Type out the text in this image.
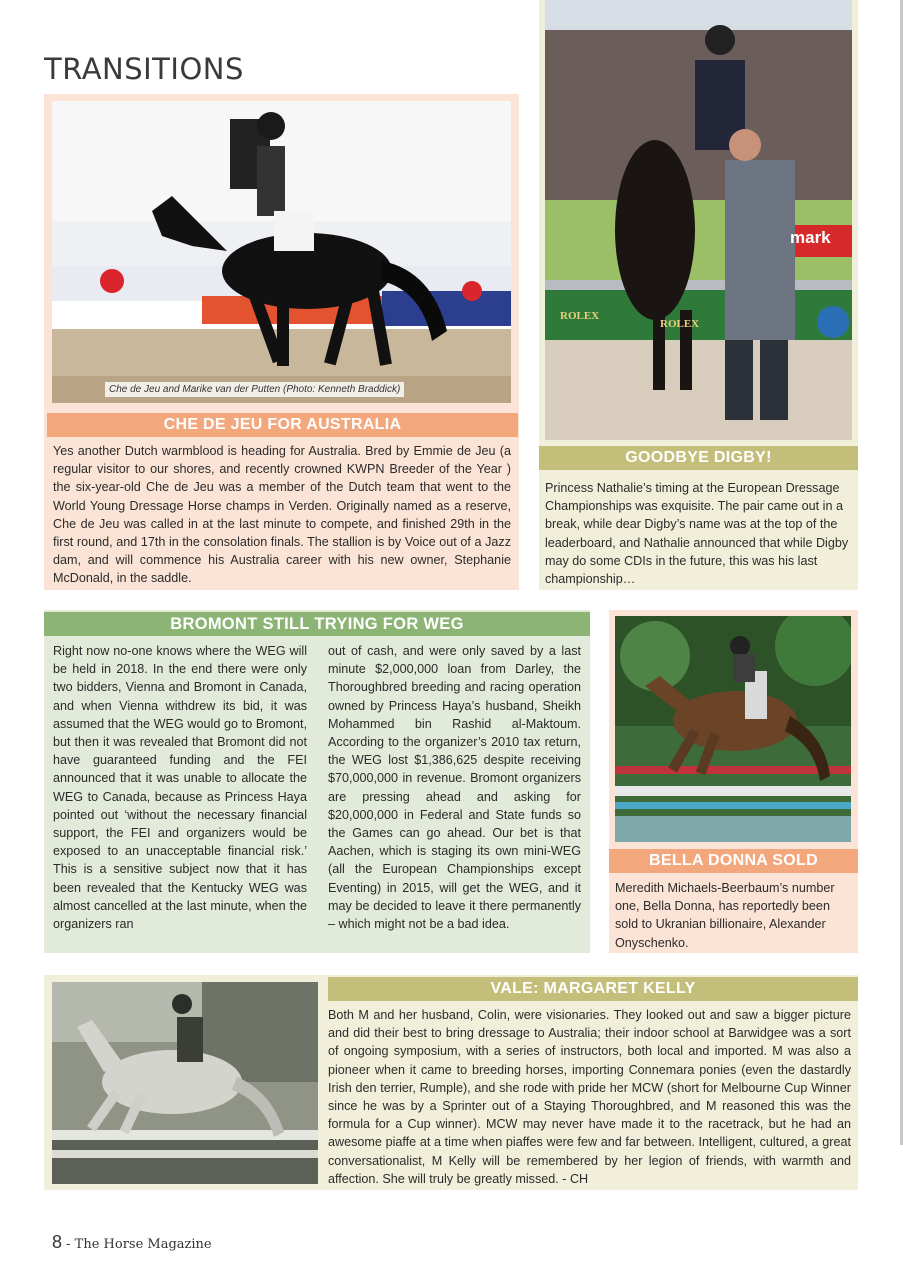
TRANSITIONS
Che de Jeu and Marike van der Putten (Photo: Kenneth Braddick)
CHE DE JEU FOR AUSTRALIA
Yes another Dutch warmblood is heading for Australia. Bred by Emmie de Jeu (a regular visitor to our shores, and recently crowned KWPN Breeder of the Year ) the six-year-old Che de Jeu was a member of the Dutch team that went to the World Young Dressage Horse champs in Verden. Originally named as a reserve, Che de Jeu was called in at the last minute to compete, and finished 29th in the first round, and 17th in the consolation finals. The stallion is by Voice out of a Jazz dam, and will commence his Australia career with his new owner, Stephanie McDonald, in the saddle.
mark
ROLEX
ROLEX
GOODBYE DIGBY!
Princess Nathalie’s timing at the European Dressage Championships was exquisite. The pair came out in a break, while dear Digby’s name was at the top of the leaderboard, and Nathalie announced that while Digby may do some CDIs in the future, this was his last championship…
BROMONT STILL TRYING FOR WEG
Right now no-one knows where the WEG will be held in 2018. In the end there were only two bidders, Vienna and Bromont in Canada, and when Vienna withdrew its bid, it was assumed that the WEG would go to Bromont, but then it was revealed that Bromont did not have guaranteed funding and the FEI announced that it was unable to allocate the WEG to Canada, because as Princess Haya pointed out ‘without the necessary financial support, the FEI and organizers would be exposed to an unacceptable financial risk.’ This is a sensitive subject now that it has been revealed that the Kentucky WEG was almost cancelled at the last minute, when the organizers ran
out of cash, and were only saved by a last minute $2,000,000 loan from Darley, the Thoroughbred breeding and racing operation owned by Princess Haya’s husband, Sheikh Mohammed bin Rashid al-Maktoum. According to the organizer’s 2010 tax return, the WEG lost $1,386,625 despite receiving $70,000,000 in revenue. Bromont organizers are pressing ahead and asking for $20,000,000 in Federal and State funds so the Games can go ahead. Our bet is that Aachen, which is staging its own mini-WEG (all the European Championships except Eventing) in 2015, will get the WEG, and it may be decided to leave it there permanently – which might not be a bad idea.
BELLA DONNA SOLD
Meredith Michaels-Beerbaum’s number one, Bella Donna, has reportedly been sold to Ukranian billionaire, Alexander Onyschenko.
VALE: MARGARET KELLY
Both M and her husband, Colin, were visionaries. They looked out and saw a bigger picture and did their best to bring dressage to Australia; their indoor school at Barwidgee was a sort of ongoing symposium, with a series of instructors, both local and imported. M was also a pioneer when it came to breeding horses, importing Connemara ponies (even the dastardly Irish den terrier, Rumple), and she rode with pride her MCW (short for Melbourne Cup Winner since he was by a Sprinter out of a Staying Thoroughbred, and M reasoned this was the formula for a Cup winner). MCW may never have made it to the racetrack, but he had an awesome piaffe at a time when piaffes were few and far between. Intelligent, cultured, a great conversationalist, M Kelly will be remembered by her legion of friends, with warmth and affection. She will truly be greatly missed. - CH
8 - The Horse Magazine
